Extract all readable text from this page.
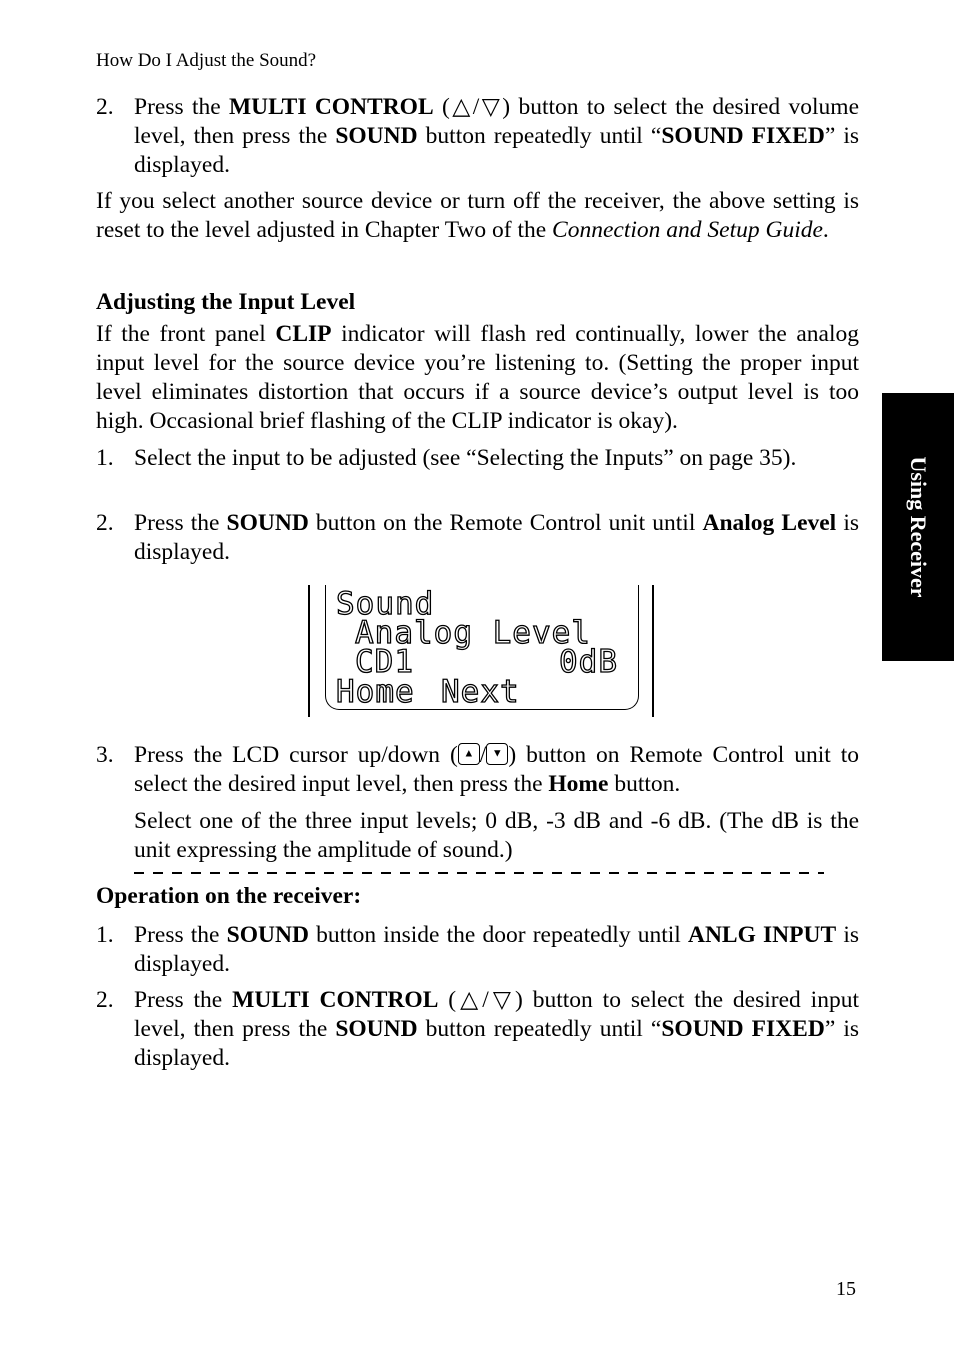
How Do I Adjust the Sound?
2. Press the MULTI CONTROL (△/▽) button to select the desired volume level, then press the SOUND button repeatedly until “SOUND FIXED” is displayed.

If you select another source device or turn off the receiver, the above setting is reset to the level adjusted in Chapter Two of the Connection and Setup Guide.

Adjusting the Input Level

If the front panel CLIP indicator will flash red continually, lower the analog input level for the source device you’re listening to. (Setting the proper input level eliminates distortion that occurs if a source device’s output level is too high. Occasional brief flashing of the CLIP indicator is okay).

1. Select the input to be adjusted (see “Selecting the Inputs” on page 35).
2. Press the SOUND button on the Remote Control unit until Analog Level is displayed.
Sound
Analog Level
CD1	0dB
Home Next
3. Press the LCD cursor up/down ( ▲ / ▼ ) button on Remote Control unit to select the desired input level, then press the Home button.

Select one of the three input levels; 0 dB, -3 dB and -6 dB. (The dB is the unit expressing the amplitude of sound.)

Operation on the receiver:
1. Press the SOUND button inside the door repeatedly until ANLG INPUT is displayed.
2. Press the MULTI CONTROL (△/▽) button to select the desired input level, then press the SOUND button repeatedly until “SOUND FIXED” is displayed.
Using Receiver
15
